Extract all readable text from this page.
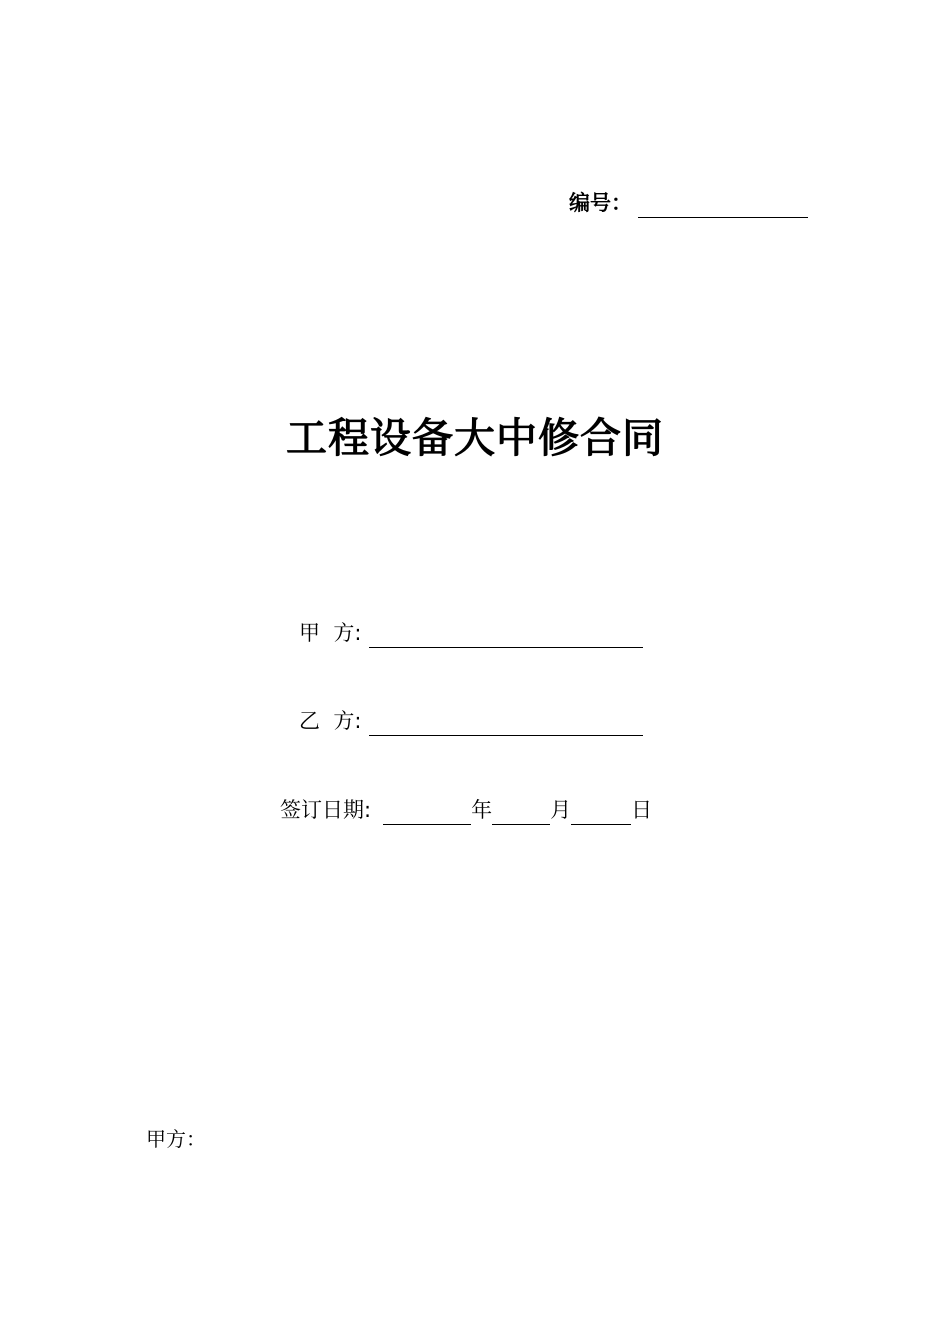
编号：
工程设备大中修合同
甲  方:
乙  方:
签订日期:	年	月	日
甲方：
